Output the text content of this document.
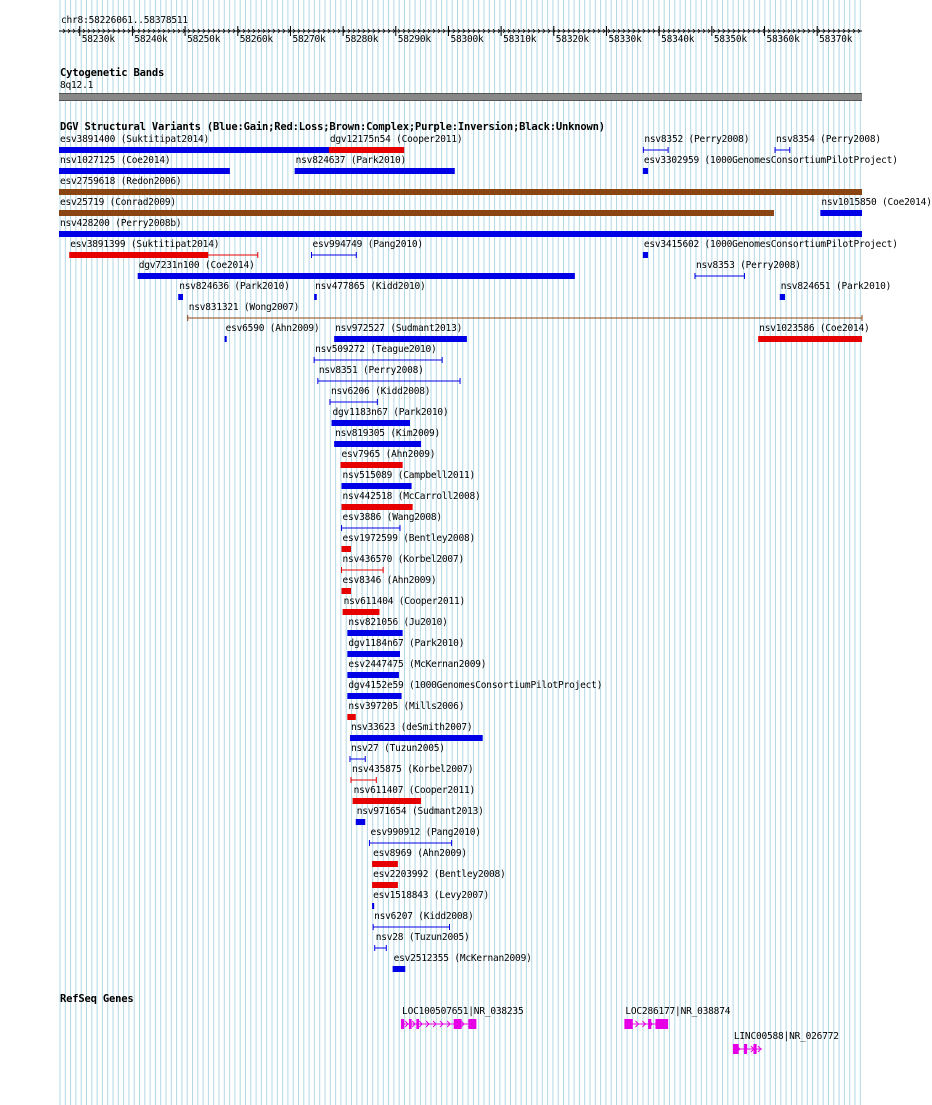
chr8:58226061..58378511
58230k 58240k 58250k 58260k 58270k 58280k 58290k 58300k 58310k 58320k 58330k 58340k 58350k 58360k 58370k
Cytogenetic Bands
8q12.1
DGV Structural Variants (Blue:Gain;Red:Loss;Brown:Complex;Purple:Inversion;Black:Unknown)
esv3891400 (Suktitipat2014)	dgv12175n54 (Cooper2011)	nsv8352 (Perry2008)	nsv8354 (Perry2008)
nsv1027125 (Coe2014)	nsv824637 (Park2010)	esv3302959 (1000GenomesConsortiumPilotProject)
esv2759618 (Redon2006)
esv25719 (Conrad2009)	nsv1015850 (Coe2014)
nsv428200 (Perry2008b)
esv3891399 (Suktitipat2014)	esv994749 (Pang2010)	esv3415602 (1000GenomesConsortiumPilotProject)
dgv7231n100 (Coe2014)	nsv8353 (Perry2008)
nsv824636 (Park2010)	nsv477865 (Kidd2010)	nsv824651 (Park2010)
nsv831321 (Wong2007)
esv6590 (Ahn2009) nsv972527 (Sudmant2013)	nsv1023586 (Coe2014)
nsv509272 (Teague2010)
nsv8351 (Perry2008)
nsv6206 (Kidd2008)
dgv1183n67 (Park2010)
nsv819305 (Kim2009)
esv7965 (Ahn2009)
nsv515089 (Campbell2011)
nsv442518 (McCarroll2008)
esv3886 (Wang2008)
esv1972599 (Bentley2008)
nsv436570 (Korbel2007)
esv8346 (Ahn2009)
nsv611404 (Cooper2011)
nsv821056 (Ju2010)
dgv1184n67 (Park2010)
esv2447475 (McKernan2009)
dgv4152e59 (1000GenomesConsortiumPilotProject)
nsv397205 (Mills2006)
nsv33623 (deSmith2007)
nsv27 (Tuzun2005)
nsv435875 (Korbel2007)
nsv611407 (Cooper2011)
nsv971654 (Sudmant2013)
esv990912 (Pang2010)
esv8969 (Ahn2009)
esv2203992 (Bentley2008)
esv1518843 (Levy2007)
nsv6207 (Kidd2008)
nsv28 (Tuzun2005)
esv2512355 (McKernan2009)
RefSeq Genes
LOC100507651|NR_038235	LOC286177|NR_038874
LINC00588|NR_026772
